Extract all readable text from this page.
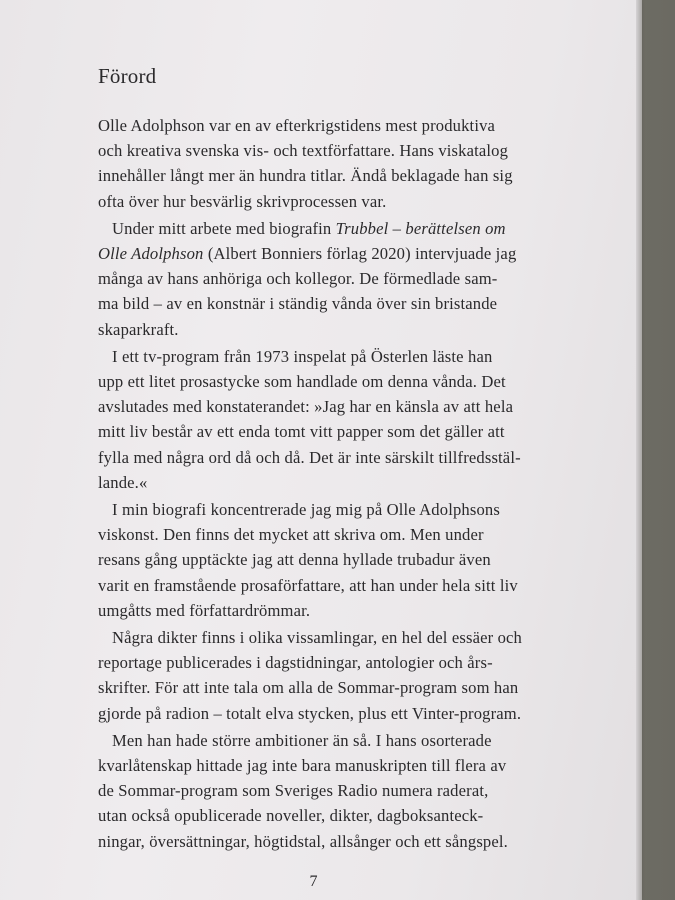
Förord

Olle Adolphson var en av efterkrigstidens mest produktiva
och kreativa svenska vis- och textförfattare. Hans viskatalog
innehåller långt mer än hundra titlar. Ändå beklagade han sig
ofta över hur besvärlig skrivprocessen var.

Under mitt arbete med biografin Trubbel – berättelsen om
Olle Adolphson (Albert Bonniers förlag 2020) intervjuade jag
många av hans anhöriga och kollegor. De förmedlade sam-
ma bild – av en konstnär i ständig vånda över sin bristande
skaparkraft.

I ett tv-program från 1973 inspelat på Österlen läste han
upp ett litet prosastycke som handlade om denna vånda. Det
avslutades med konstaterandet: »Jag har en känsla av att hela
mitt liv består av ett enda tomt vitt papper som det gäller att
fylla med några ord då och då. Det är inte särskilt tillfredsstäl-
lande.«

I min biografi koncentrerade jag mig på Olle Adolphsons
viskonst. Den finns det mycket att skriva om. Men under
resans gång upptäckte jag att denna hyllade trubadur även
varit en framstående prosaförfattare, att han under hela sitt liv
umgåtts med författardrömmar.

Några dikter finns i olika vissamlingar, en hel del essäer och
reportage publicerades i dagstidningar, antologier och års-
skrifter. För att inte tala om alla de Sommar-program som han
gjorde på radion – totalt elva stycken, plus ett Vinter-program.

Men han hade större ambitioner än så. I hans osorterade
kvarlåtenskap hittade jag inte bara manuskripten till flera av
de Sommar-program som Sveriges Radio numera raderat,
utan också opublicerade noveller, dikter, dagboksanteck-
ningar, översättningar, högtidstal, allsånger och ett sångspel.

7
